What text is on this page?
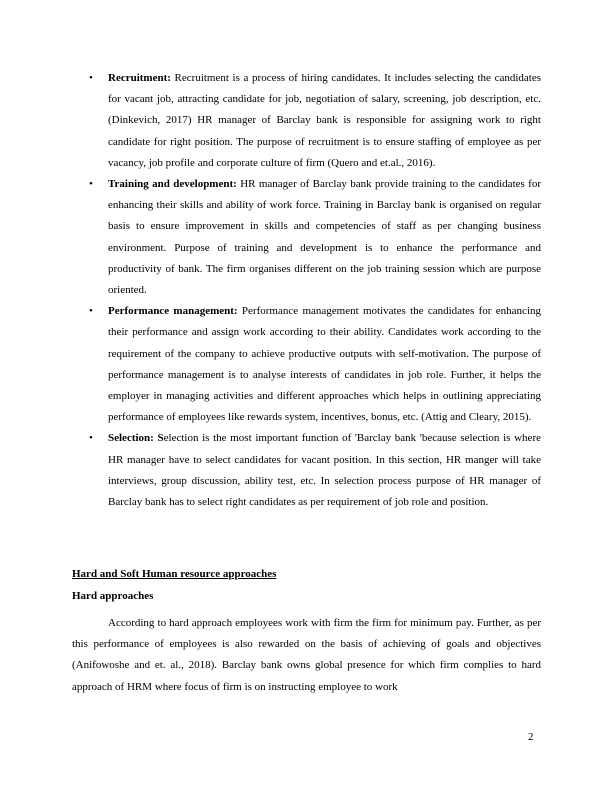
• Recruitment: Recruitment is a process of hiring candidates. It includes selecting the candidates for vacant job, attracting candidate for job, negotiation of salary, screening, job description, etc. (Dinkevich, 2017) HR manager of Barclay bank is responsible for assigning work to right candidate for right position. The purpose of recruitment is to ensure staffing of employee as per vacancy, job profile and corporate culture of firm (Quero and et.al., 2016).
• Training and development: HR manager of Barclay bank provide training to the candidates for enhancing their skills and ability of work force. Training in Barclay bank is organised on regular basis to ensure improvement in skills and competencies of staff as per changing business environment. Purpose of training and development is to enhance the performance and productivity of bank. The firm organises different on the job training session which are purpose oriented.
• Performance management: Performance management motivates the candidates for enhancing their performance and assign work according to their ability. Candidates work according to the requirement of the company to achieve productive outputs with self-motivation. The purpose of performance management is to analyse interests of candidates in job role. Further, it helps the employer in managing activities and different approaches which helps in outlining appreciating performance of employees like rewards system, incentives, bonus, etc. (Attig and Cleary, 2015).
• Selection: Selection is the most important function of 'Barclay bank 'because selection is where HR manager have to select candidates for vacant position. In this section, HR manger will take interviews, group discussion, ability test, etc. In selection process purpose of HR manager of Barclay bank has to select right candidates as per requirement of job role and position.
Hard and Soft Human resource approaches
Hard approaches

According to hard approach employees work with firm the firm for minimum pay. Further, as per this performance of employees is also rewarded on the basis of achieving of goals and objectives (Anifowoshe and et. al., 2018). Barclay bank owns global presence for which firm complies to hard approach of HRM where focus of firm is on instructing employee to work

2
